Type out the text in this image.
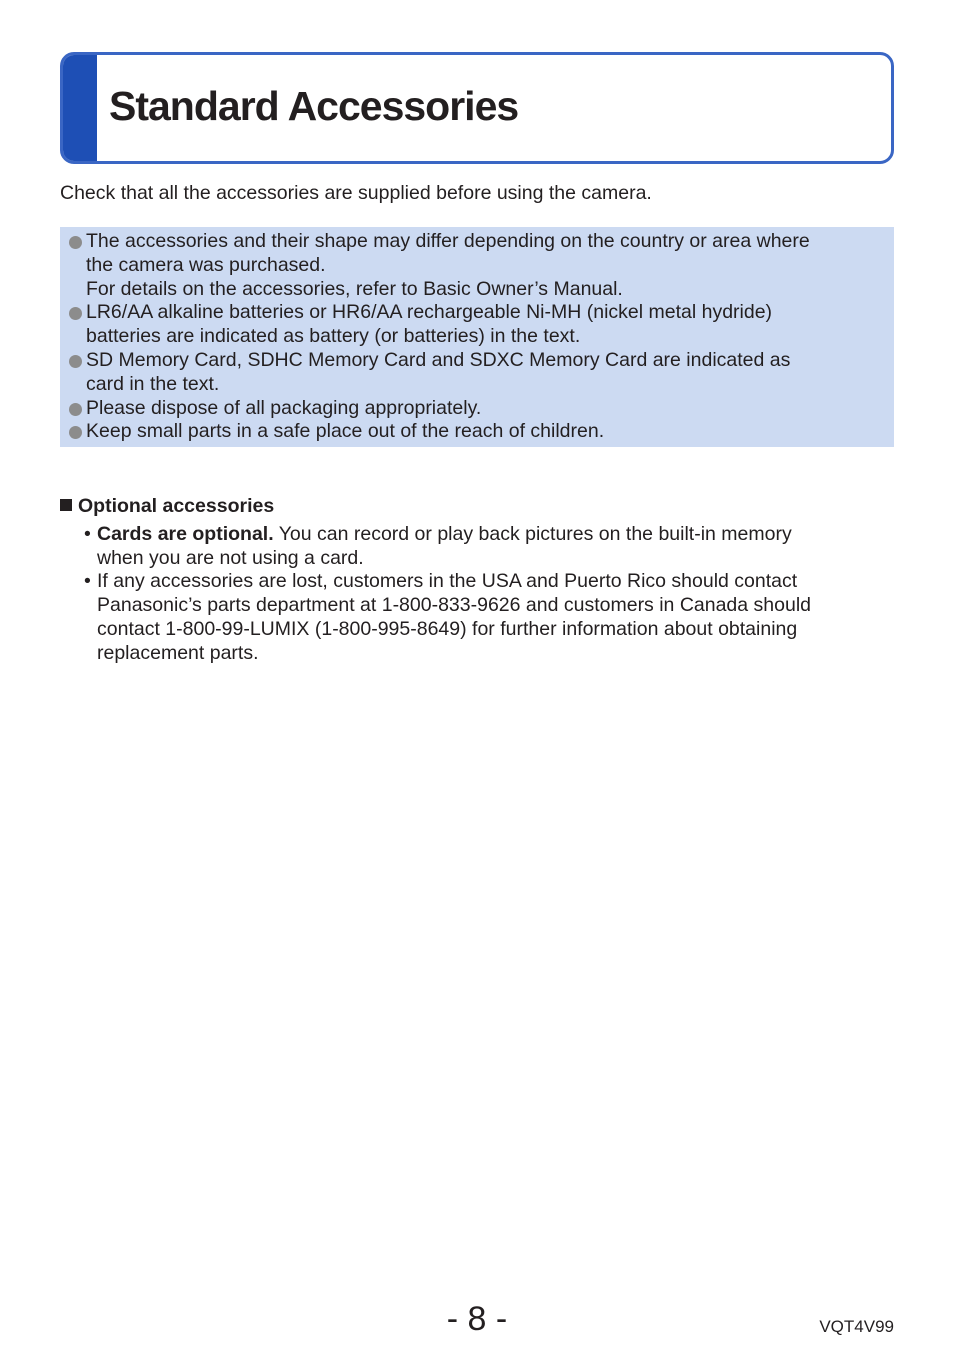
Standard Accessories

Check that all the accessories are supplied before using the camera.

The accessories and their shape may differ depending on the country or area where
the camera was purchased.
For details on the accessories, refer to Basic Owner’s Manual.
LR6/AA alkaline batteries or HR6/AA rechargeable Ni-MH (nickel metal hydride)
batteries are indicated as battery (or batteries) in the text.
SD Memory Card, SDHC Memory Card and SDXC Memory Card are indicated as
card in the text.
Please dispose of all packaging appropriately.
Keep small parts in a safe place out of the reach of children.
Optional accessories
• Cards are optional. You can record or play back pictures on the built-in memory
when you are not using a card.
• If any accessories are lost, customers in the USA and Puerto Rico should contact
Panasonic’s parts department at 1-800-833-9626 and customers in Canada should
contact 1-800-99-LUMIX (1-800-995-8649) for further information about obtaining
replacement parts.
- 8 -	VQT4V99
